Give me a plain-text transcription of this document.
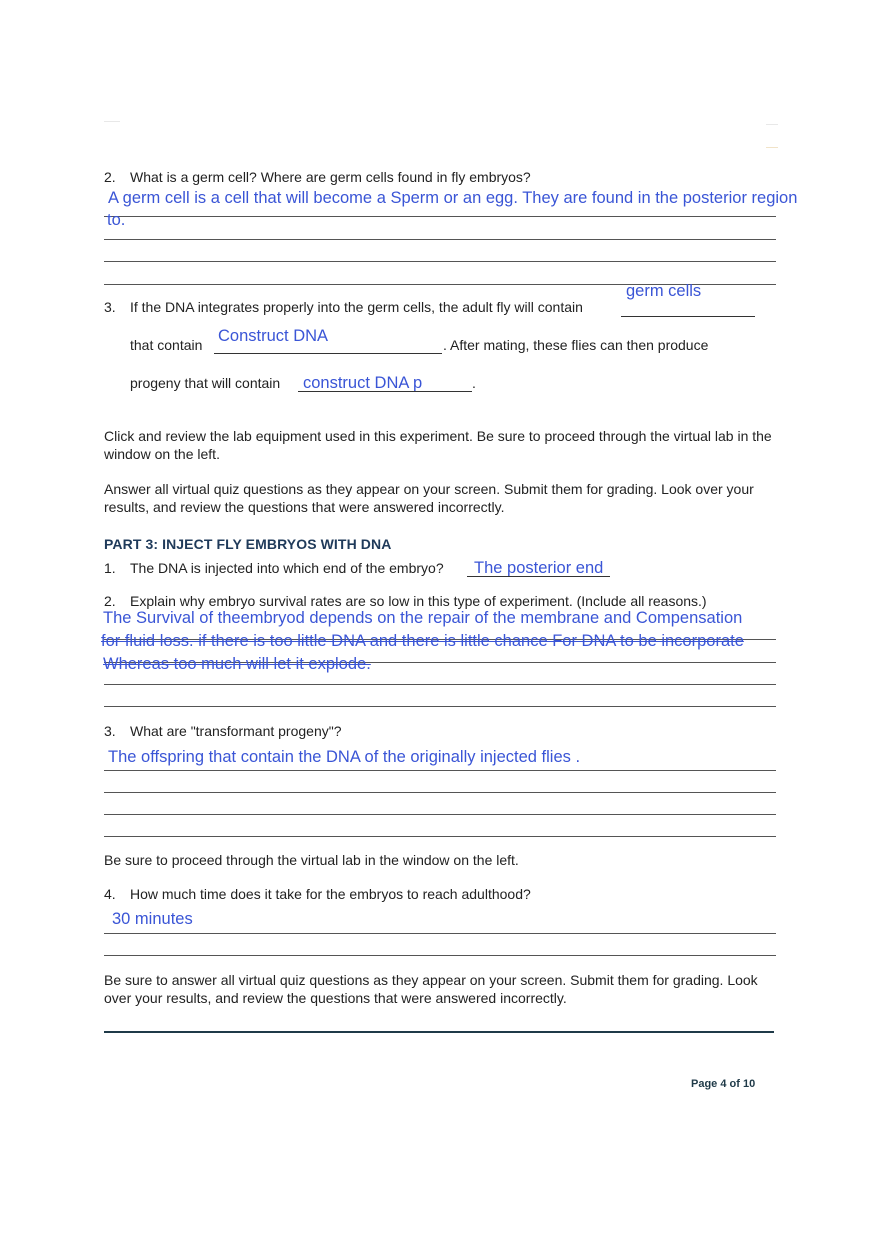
2. What is a germ cell? Where are germ cells found in fly embryos?
A germ cell is a cell that will become a Sperm or an egg. They are found in the posterior region
to.
germ cells
3. If the DNA integrates properly into the germ cells, the adult fly will contain
that contain Construct DNA	. After mating, these flies can then produce
progeny that will contain construct DNA p	.
Click and review the lab equipment used in this experiment. Be sure to proceed through the virtual lab in the window on the left.
Answer all virtual quiz questions as they appear on your screen. Submit them for grading. Look over your results, and review the questions that were answered incorrectly.
PART 3: INJECT FLY EMBRYOS WITH DNA
1. The DNA is injected into which end of the embryo? The posterior end
2. Explain why embryo survival rates are so low in this type of experiment. (Include all reasons.)
The Survival of theembryod depends on the repair of the membrane and Compensation
for fluid loss. if there is too little DNA and there is little chance For DNA to be incorporate
Whereas too much will let it explode.
3. What are "transformant progeny"?
The offspring that contain the DNA of the originally injected flies .
Be sure to proceed through the virtual lab in the window on the left.
4. How much time does it take for the embryos to reach adulthood?
30 minutes
Be sure to answer all virtual quiz questions as they appear on your screen. Submit them for grading. Look over your results, and review the questions that were answered incorrectly.
Page 4 of 10
